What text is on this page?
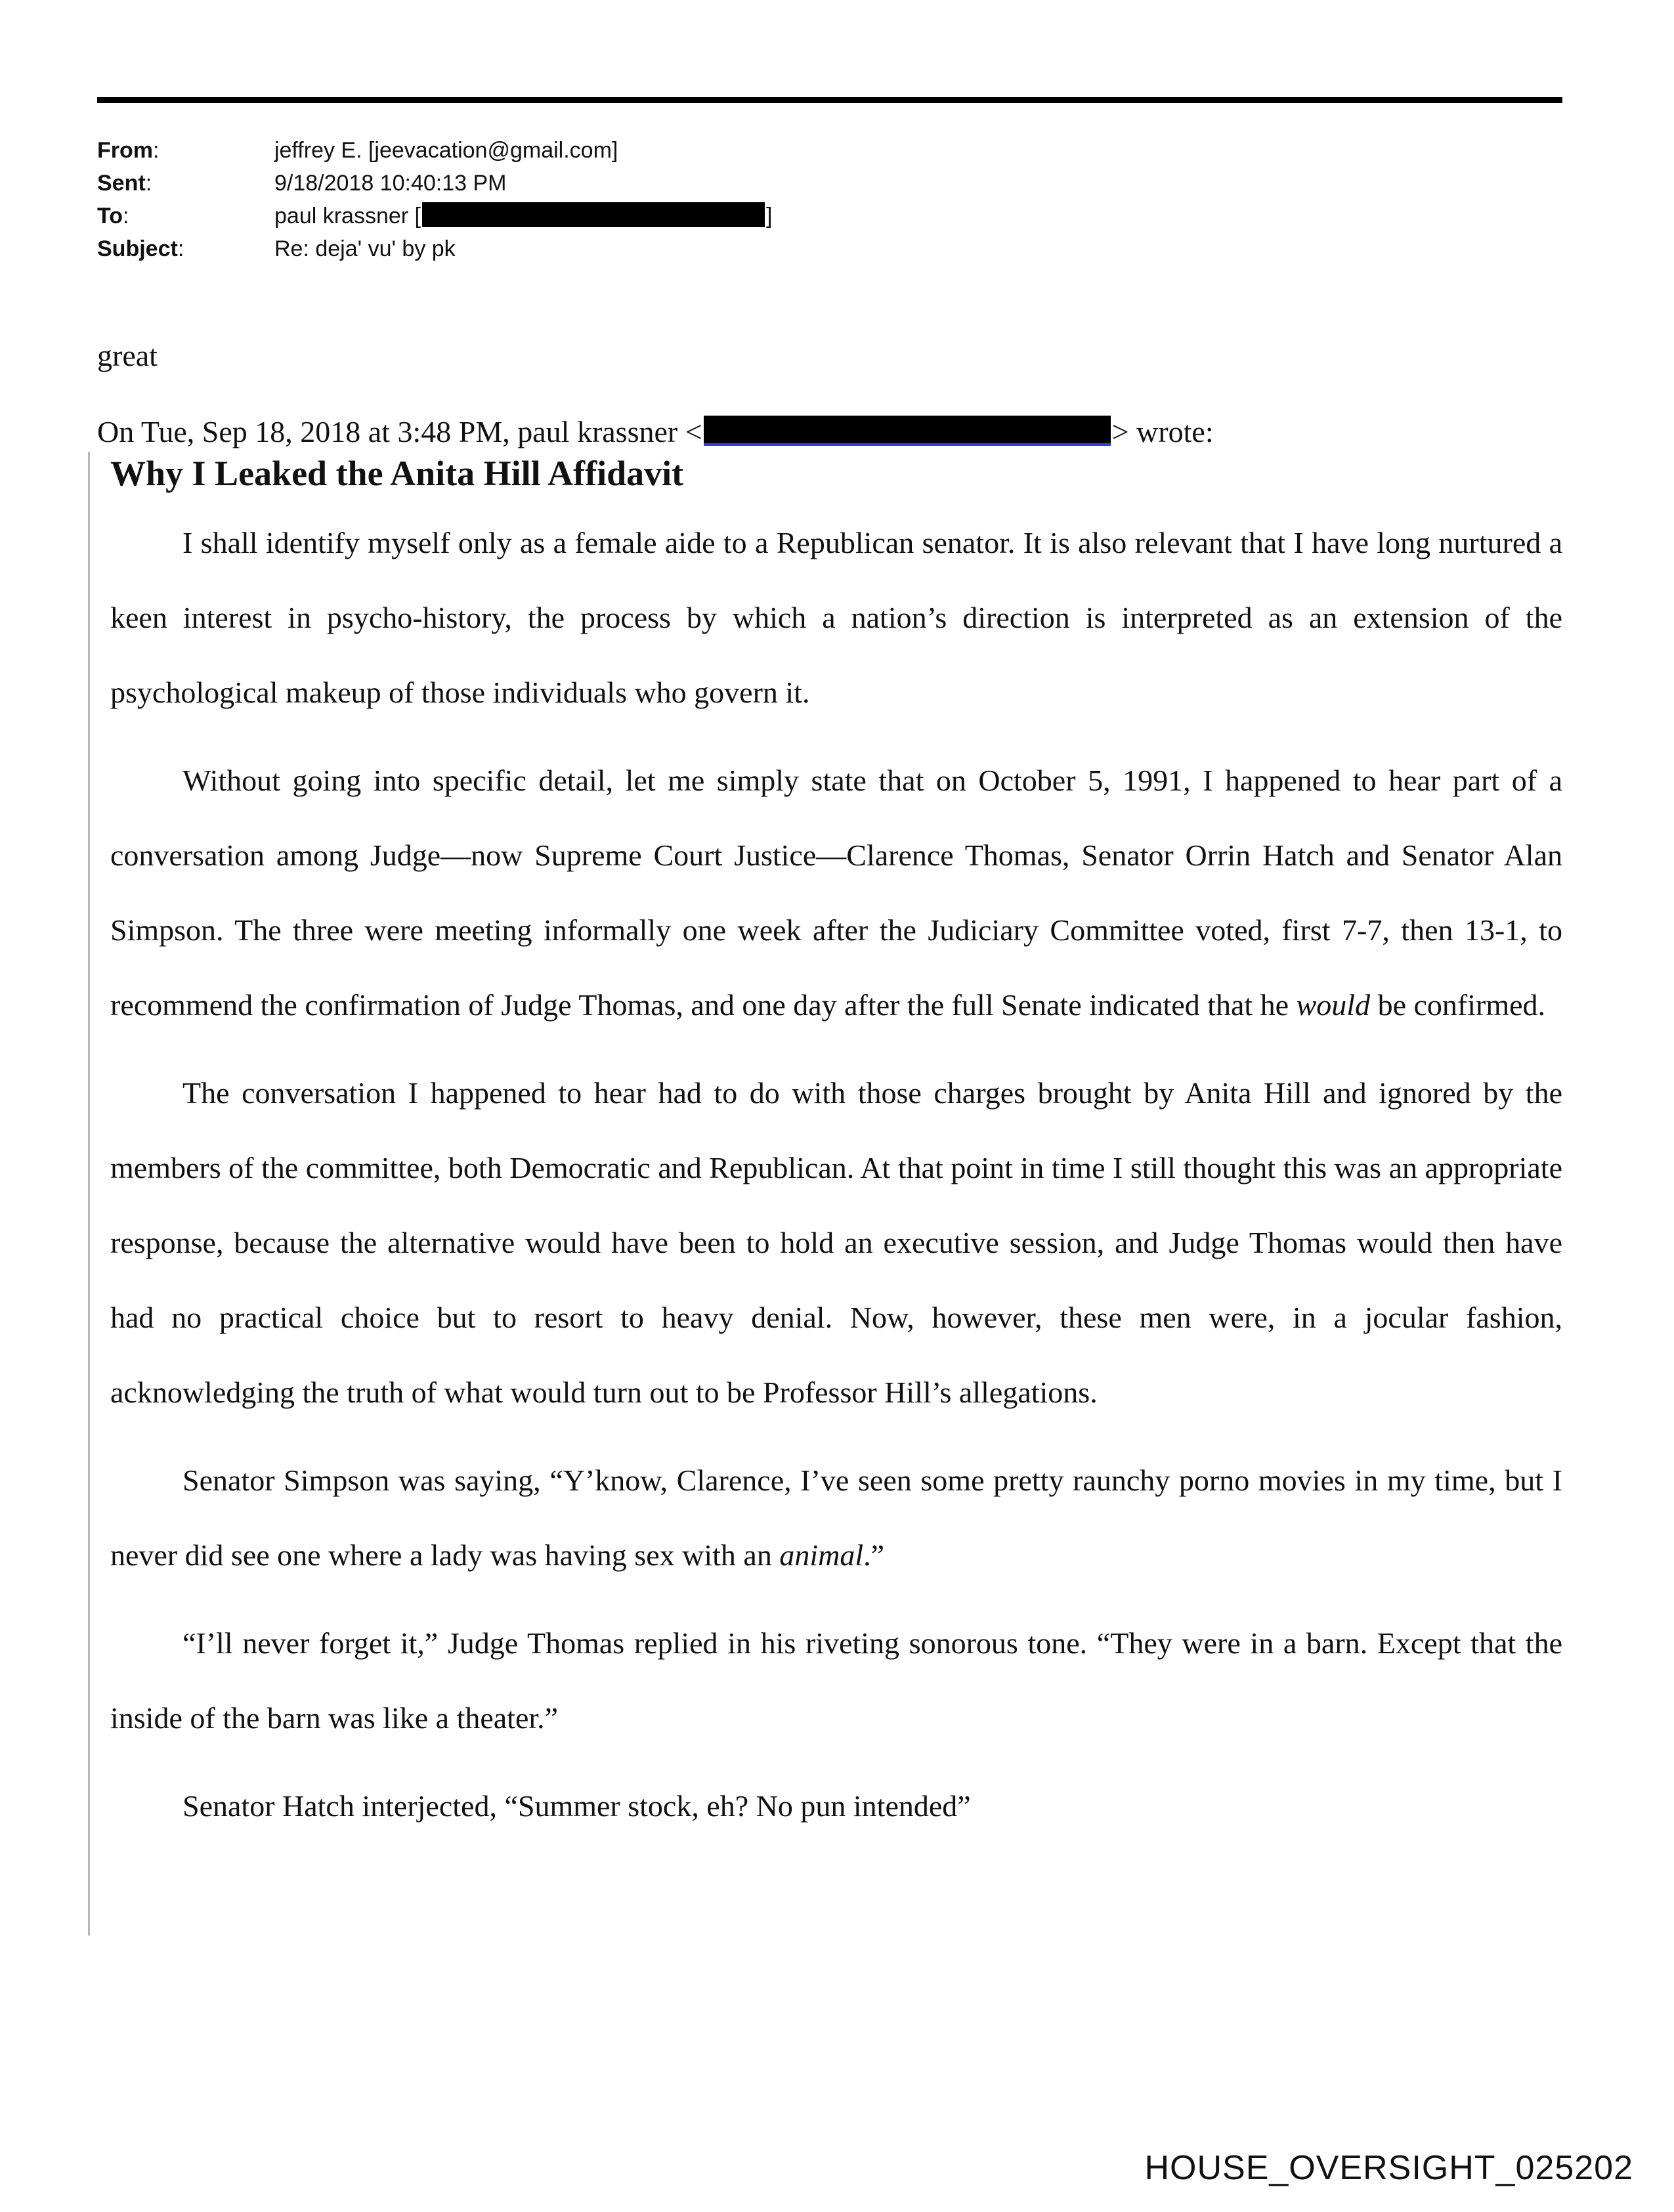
From:	jeffrey E. [jeevacation@gmail.com]
Sent:	9/18/2018 10:40:13 PM
To:	paul krassner [	]
Subject:	Re: deja' vu' by pk
great
On Tue, Sep 18, 2018 at 3:48 PM, paul krassner <	> wrote:
Why I Leaked the Anita Hill Affidavit

I shall identify myself only as a female aide to a Republican senator. It is also relevant that I have long nurtured a keen interest in psycho-history, the process by which a nation’s direction is interpreted as an extension of the psychological makeup of those individuals who govern it.

Without going into specific detail, let me simply state that on October 5, 1991, I happened to hear part of a conversation among Judge—now Supreme Court Justice—Clarence Thomas, Senator Orrin Hatch and Senator Alan Simpson. The three were meeting informally one week after the Judiciary Committee voted, first 7-7, then 13-1, to recommend the confirmation of Judge Thomas, and one day after the full Senate indicated that he would be confirmed.

The conversation I happened to hear had to do with those charges brought by Anita Hill and ignored by the members of the committee, both Democratic and Republican. At that point in time I still thought this was an appropriate response, because the alternative would have been to hold an executive session, and Judge Thomas would then have had no practical choice but to resort to heavy denial. Now, however, these men were, in a jocular fashion, acknowledging the truth of what would turn out to be Professor Hill’s allegations.

Senator Simpson was saying, “Y’know, Clarence, I’ve seen some pretty raunchy porno movies in my time, but I never did see one where a lady was having sex with an animal.”

“I’ll never forget it,” Judge Thomas replied in his riveting sonorous tone. “They were in a barn. Except that the inside of the barn was like a theater.”

Senator Hatch interjected, “Summer stock, eh? No pun intended”

HOUSE_OVERSIGHT_025202
